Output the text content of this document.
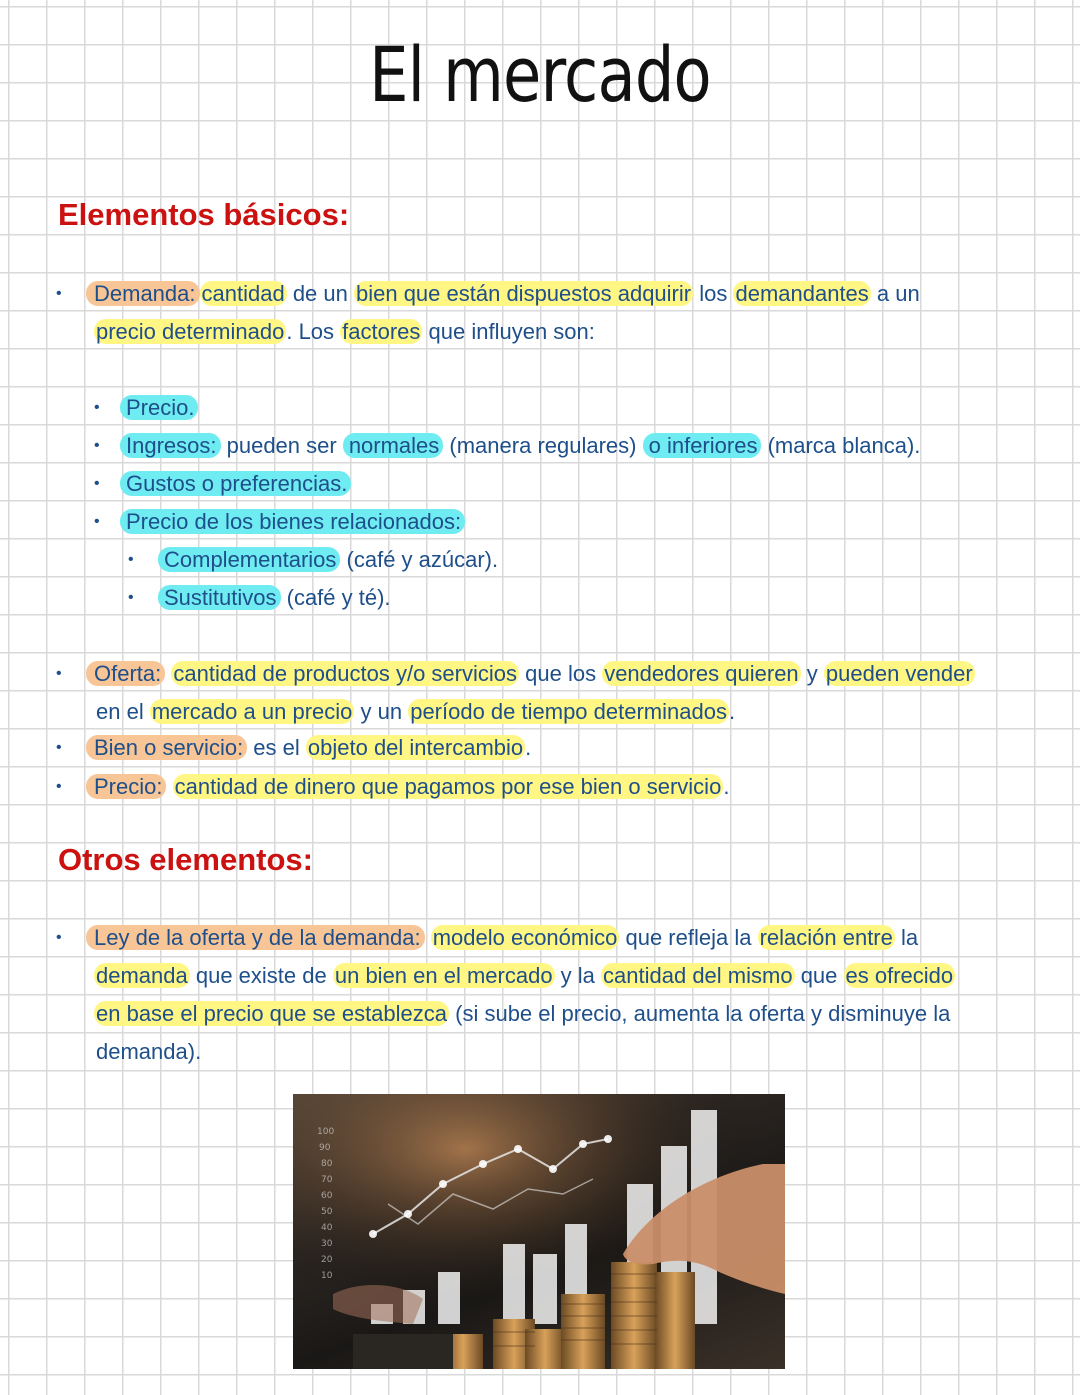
El mercado
Elementos básicos:
•	Demanda: cantidad de un bien que están dispuestos adquirir los demandantes a un
precio determinado. Los factores que influyen son:
• Precio.
• Ingresos: pueden ser normales (manera regulares) o inferiores (marca blanca).
• Gustos o preferencias.
• Precio de los bienes relacionados:
• Complementarios (café y azúcar).
• Sustitutivos (café y té).
•	Oferta: cantidad de productos y/o servicios que los vendedores quieren y pueden vender
en el mercado a un precio y un período de tiempo determinados.
•	Bien o servicio: es el objeto del intercambio.
•	Precio: cantidad de dinero que pagamos por ese bien o servicio.
Otros elementos:
•	Ley de la oferta y de la demanda: modelo económico que refleja la relación entre la
demanda que existe de un bien en el mercado y la cantidad del mismo que es ofrecido
en base el precio que se establezca (si sube el precio, aumenta la oferta y disminuye la
demanda).
100
90
80
70
60
50
40
30
20
10
